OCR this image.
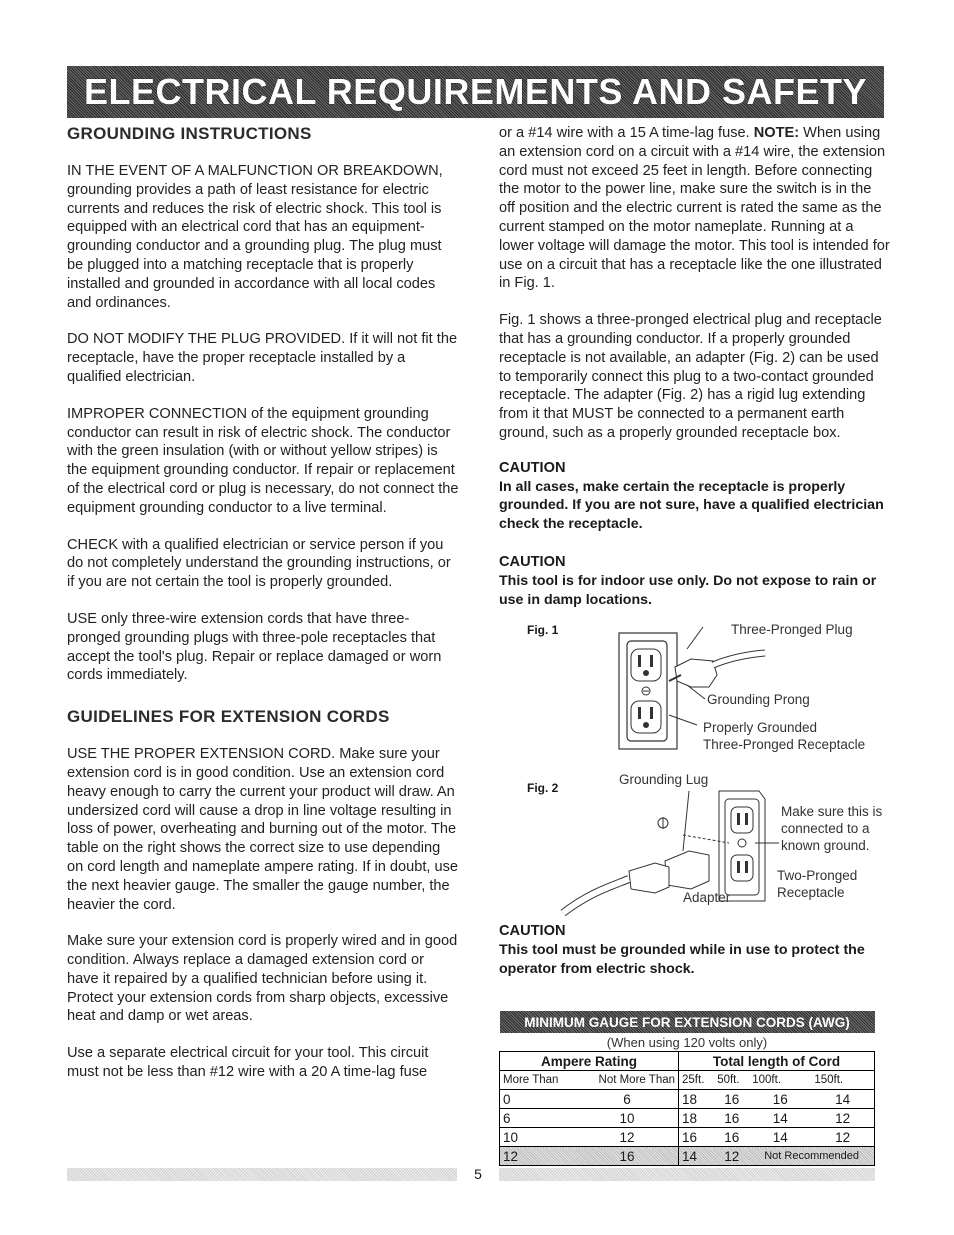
ELECTRICAL REQUIREMENTS AND SAFETY
GROUNDING INSTRUCTIONS

IN THE EVENT OF A MALFUNCTION OR BREAKDOWN, grounding provides a path of least resistance for electric currents and reduces the risk of electric shock. This tool is equipped with an electrical cord that has an equipment-grounding conductor and a grounding plug. The plug must be plugged into a matching receptacle that is properly installed and grounded in accordance with all local codes and ordinances.

DO NOT MODIFY THE PLUG PROVIDED. If it will not fit the receptacle, have the proper receptacle installed by a qualified electrician.

IMPROPER CONNECTION of the equipment grounding conductor can result in risk of electric shock. The conductor with the green insulation (with or without yellow stripes) is the equipment grounding conductor. If repair or replacement of the electrical cord or plug is necessary, do not connect the equipment grounding conductor to a live terminal.

CHECK with a qualified electrician or service person if you do not completely understand the grounding instructions, or if you are not certain the tool is properly grounded.

USE only three-wire extension cords that have three-pronged grounding plugs with three-pole receptacles that accept the tool's plug. Repair or replace damaged or worn cords immediately.

GUIDELINES FOR EXTENSION CORDS

USE THE PROPER EXTENSION CORD. Make sure your extension cord is in good condition. Use an extension cord heavy enough to carry the current your product will draw. An undersized cord will cause a drop in line voltage resulting in loss of power, overheating and burning out of the motor. The table on the right shows the correct size to use depending on cord length and nameplate ampere rating. If in doubt, use the next heavier gauge. The smaller the gauge number, the heavier the cord.

Make sure your extension cord is properly wired and in good condition. Always replace a damaged extension cord or have it repaired by a qualified technician before using it. Protect your extension cords from sharp objects, excessive heat and damp or wet areas.

Use a separate electrical circuit for your tool. This circuit must not be less than #12 wire with a 20 A time-lag fuse

or a #14 wire with a 15 A time-lag fuse. NOTE: When using an extension cord on a circuit with a #14 wire, the extension cord must not exceed 25 feet in length. Before connecting the motor to the power line, make sure the switch is in the off position and the electric current is rated the same as the current stamped on the motor nameplate. Running at a lower voltage will damage the motor. This tool is intended for use on a circuit that has a receptacle like the one illustrated in Fig. 1.

Fig. 1 shows a three-pronged electrical plug and receptacle that has a grounding conductor. If a properly grounded receptacle is not available, an adapter (Fig. 2) can be used to temporarily connect this plug to a two-contact grounded receptacle. The adapter (Fig. 2) has a rigid lug extending from it that MUST be connected to a permanent earth ground, such as a properly grounded receptacle box.

CAUTION
In all cases, make certain the receptacle is properly grounded. If you are not sure, have a qualified electrician check the receptacle.
CAUTION
This tool is for indoor use only. Do not expose to rain or use in damp locations.
Fig. 1	Three-Pronged Plug
Grounding Prong
Properly Grounded
Three-Pronged Receptacle
Fig. 2
Grounding Lug
Make sure this is
connected to a
known ground.
Two-Pronged
Receptacle
Adapter
CAUTION
This tool must be grounded while in use to protect the operator from electric shock.
MINIMUM GAUGE FOR EXTENSION CORDS (AWG)					
(When using 120 volts only)					
Ampere Rating		Total length of Cord			
More Than	Not More Than	25ft.	50ft.	100ft.	150ft.
0	6	18	16	16	14
6	10	18	16	14	12
10	12	16	16	14	12
12	16	14	12	Not Recommended	
5
